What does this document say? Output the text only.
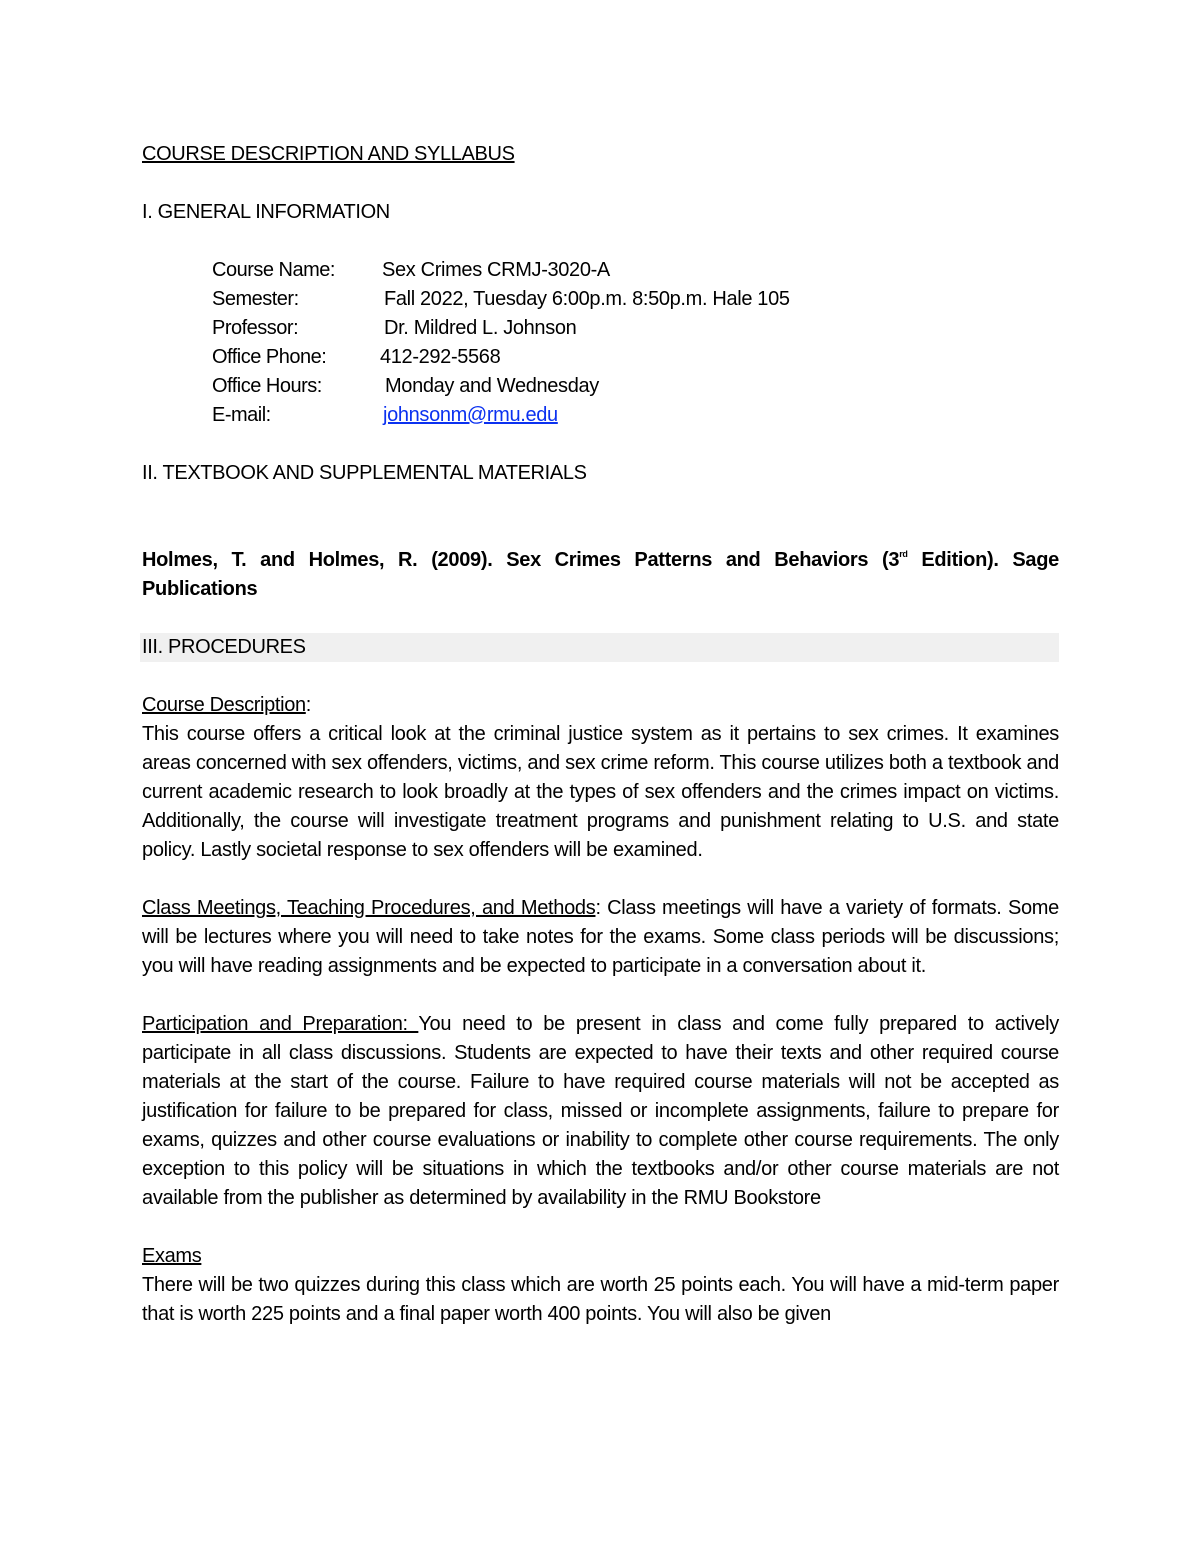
COURSE DESCRIPTION AND SYLLABUS

I. GENERAL INFORMATION

Course Name: Sex Crimes CRMJ-3020-A
Semester:	Fall 2022, Tuesday 6:00p.m. 8:50p.m. Hale 105
Professor:	Dr. Mildred L. Johnson
Office Phone:	412-292-5568
Office Hours:	Monday and Wednesday
E-mail:	johnsonm@rmu.edu

II. TEXTBOOK AND SUPPLEMENTAL MATERIALS

Holmes, T. and Holmes, R. (2009). Sex Crimes Patterns and Behaviors (3rd Edition). Sage Publications

III. PROCEDURES

Course Description:

This course offers a critical look at the criminal justice system as it pertains to sex crimes. It examines areas concerned with sex offenders, victims, and sex crime reform. This course utilizes both a textbook and current academic research to look broadly at the types of sex offenders and the crimes impact on victims. Additionally, the course will investigate treatment programs and punishment relating to U.S. and state policy. Lastly societal response to sex offenders will be examined.

Class Meetings, Teaching Procedures, and Methods: Class meetings will have a variety of formats. Some will be lectures where you will need to take notes for the exams. Some class periods will be discussions; you will have reading assignments and be expected to participate in a conversation about it.

Participation and Preparation: You need to be present in class and come fully prepared to actively participate in all class discussions. Students are expected to have their texts and other required course materials at the start of the course. Failure to have required course materials will not be accepted as justification for failure to be prepared for class, missed or incomplete assignments, failure to prepare for exams, quizzes and other course evaluations or inability to complete other course requirements. The only exception to this policy will be situations in which the textbooks and/or other course materials are not available from the publisher as determined by availability in the RMU Bookstore

Exams

There will be two quizzes during this class which are worth 25 points each. You will have a mid-term paper that is worth 225 points and a final paper worth 400 points. You will also be given
